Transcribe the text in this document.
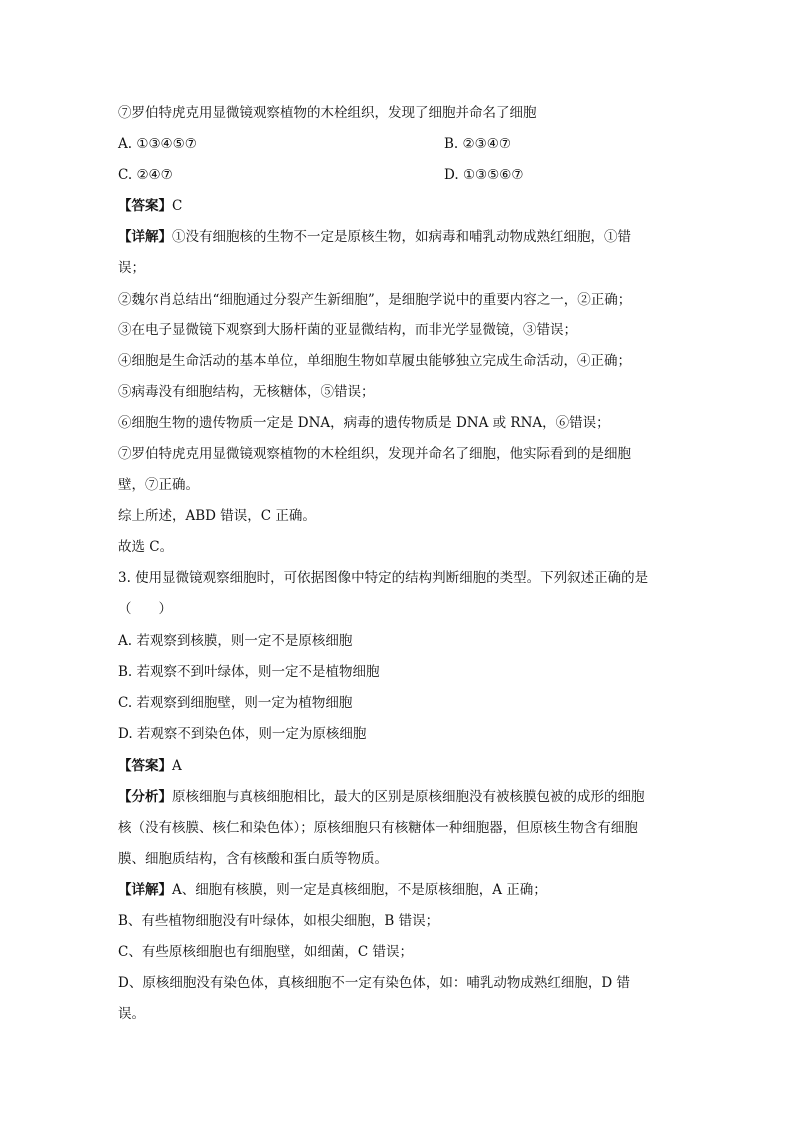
⑦罗伯特虎克用显微镜观察植物的木栓组织，发现了细胞并命名了细胞
A. ①③④⑤⑦	B. ②③④⑦
C. ②④⑦	D. ①③⑤⑥⑦
【答案】C
【详解】①没有细胞核的生物不一定是原核生物，如病毒和哺乳动物成熟红细胞，①错
误；
②魏尔肖总结出“细胞通过分裂产生新细胞”，是细胞学说中的重要内容之一，②正确；
③在电子显微镜下观察到大肠杆菌的亚显微结构，而非光学显微镜，③错误；
④细胞是生命活动的基本单位，单细胞生物如草履虫能够独立完成生命活动，④正确；
⑤病毒没有细胞结构，无核糖体，⑤错误；
⑥细胞生物的遗传物质一定是 DNA，病毒的遗传物质是 DNA 或 RNA，⑥错误；
⑦罗伯特虎克用显微镜观察植物的木栓组织，发现并命名了细胞，他实际看到的是细胞
壁，⑦正确。
综上所述，ABD 错误，C 正确。
故选 C。
3. 使用显微镜观察细胞时，可依据图像中特定的结构判断细胞的类型。下列叙述正确的是
（　　）
A. 若观察到核膜，则一定不是原核细胞
B. 若观察不到叶绿体，则一定不是植物细胞
C. 若观察到细胞壁，则一定为植物细胞
D. 若观察不到染色体，则一定为原核细胞
【答案】A
【分析】原核细胞与真核细胞相比，最大的区别是原核细胞没有被核膜包被的成形的细胞
核（没有核膜、核仁和染色体）；原核细胞只有核糖体一种细胞器，但原核生物含有细胞
膜、细胞质结构，含有核酸和蛋白质等物质。
【详解】A、细胞有核膜，则一定是真核细胞，不是原核细胞，A 正确；
B、有些植物细胞没有叶绿体，如根尖细胞，B 错误；
C、有些原核细胞也有细胞壁，如细菌，C 错误；
D、原核细胞没有染色体，真核细胞不一定有染色体，如：哺乳动物成熟红细胞，D 错
误。
